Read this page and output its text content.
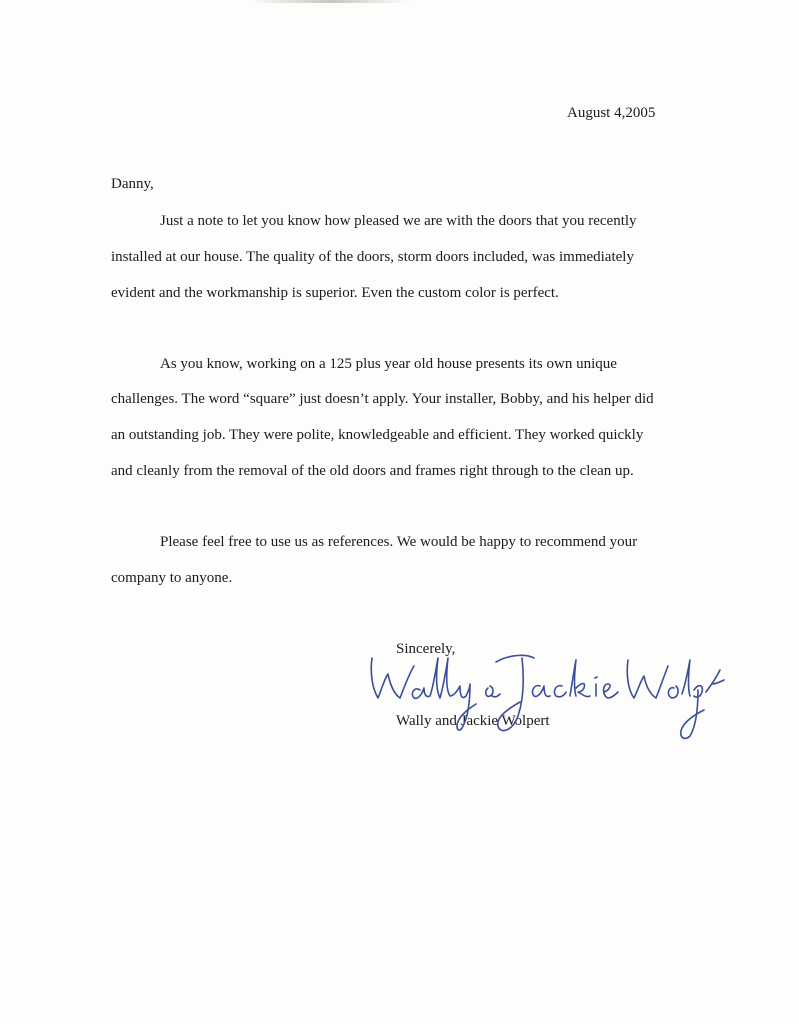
August 4,2005
Danny,
Just a note to let you know how pleased we are with the doors that you recently
installed at our house. The quality of the doors, storm doors included, was immediately
evident and the workmanship is superior. Even the custom color is perfect.
As you know, working on a 125 plus year old house presents its own unique
challenges. The word “square” just doesn’t apply. Your installer, Bobby, and his helper did
an outstanding job. They were polite, knowledgeable and efficient. They worked quickly
and cleanly from the removal of the old doors and frames right through to the clean up.
Please feel free to use us as references. We would be happy to recommend your
company to anyone.
Sincerely,
Wally and Jackie Wolpert
